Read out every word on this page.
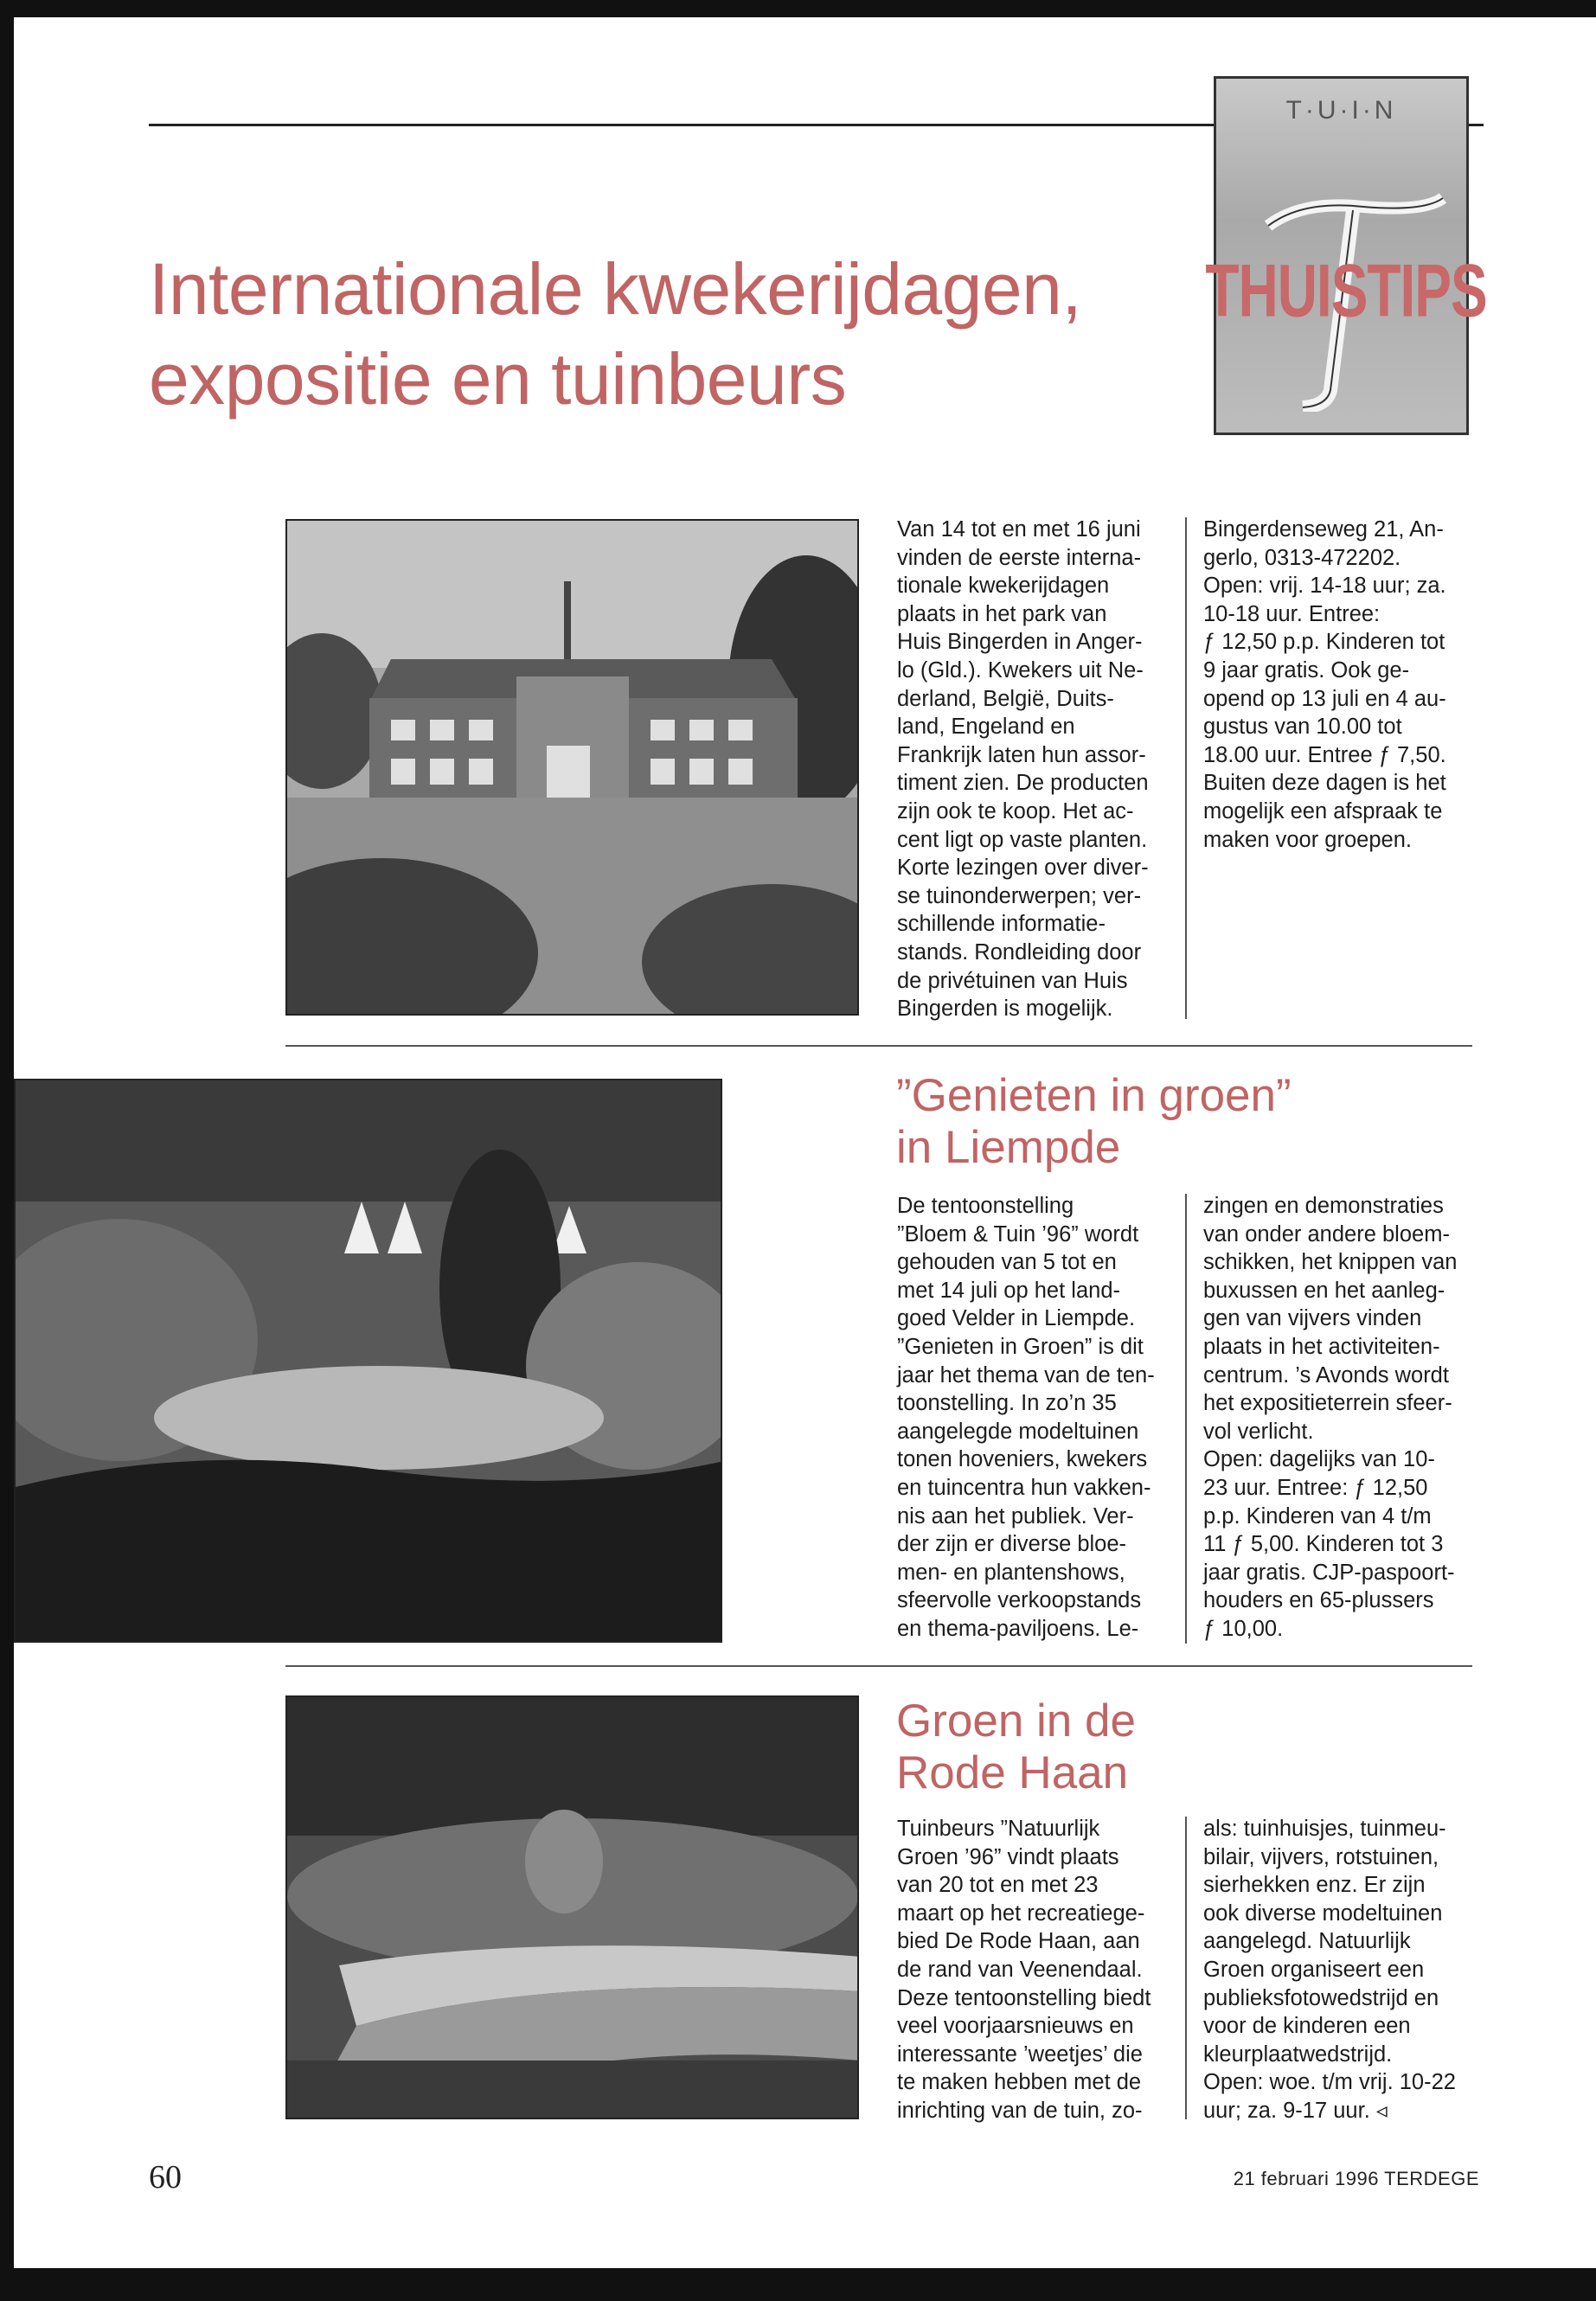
T·U·I·N
THUISTIPS
Internationale kwekerijdagen,
expositie en tuinbeurs
Van 14 tot en met 16 juni
vinden de eerste interna-
tionale kwekerijdagen
plaats in het park van
Huis Bingerden in Anger-
lo (Gld.). Kwekers uit Ne-
derland, België, Duits-
land, Engeland en
Frankrijk laten hun assor-
timent zien. De producten
zijn ook te koop. Het ac-
cent ligt op vaste planten.
Korte lezingen over diver-
se tuinonderwerpen; ver-
schillende informatie-
stands. Rondleiding door
de privétuinen van Huis
Bingerden is mogelijk.
Bingerdenseweg 21, An-
gerlo, 0313-472202.
Open: vrij. 14-18 uur; za.
10-18 uur. Entree:
ƒ 12,50 p.p. Kinderen tot
9 jaar gratis. Ook ge-
opend op 13 juli en 4 au-
gustus van 10.00 tot
18.00 uur. Entree ƒ 7,50.
Buiten deze dagen is het
mogelijk een afspraak te
maken voor groepen.
”Genieten in groen”
in Liempde
De tentoonstelling
”Bloem & Tuin ’96” wordt
gehouden van 5 tot en
met 14 juli op het land-
goed Velder in Liempde.
”Genieten in Groen” is dit
jaar het thema van de ten-
toonstelling. In zo’n 35
aangelegde modeltuinen
tonen hoveniers, kwekers
en tuincentra hun vakken-
nis aan het publiek. Ver-
der zijn er diverse bloe-
men- en plantenshows,
sfeervolle verkoopstands
en thema-paviljoens. Le-
zingen en demonstraties
van onder andere bloem-
schikken, het knippen van
buxussen en het aanleg-
gen van vijvers vinden
plaats in het activiteiten-
centrum. ’s Avonds wordt
het expositieterrein sfeer-
vol verlicht.
Open: dagelijks van 10-
23 uur. Entree: ƒ 12,50
p.p. Kinderen van 4 t/m
11 ƒ 5,00. Kinderen tot 3
jaar gratis. CJP-paspoort-
houders en 65-plussers
ƒ 10,00.
Groen in de
Rode Haan
Tuinbeurs ”Natuurlijk
Groen ’96” vindt plaats
van 20 tot en met 23
maart op het recreatiege-
bied De Rode Haan, aan
de rand van Veenendaal.
Deze tentoonstelling biedt
veel voorjaarsnieuws en
interessante ’weetjes’ die
te maken hebben met de
inrichting van de tuin, zo-
als: tuinhuisjes, tuinmeu-
bilair, vijvers, rotstuinen,
sierhekken enz. Er zijn
ook diverse modeltuinen
aangelegd. Natuurlijk
Groen organiseert een
publieksfotowedstrijd en
voor de kinderen een
kleurplaatwedstrijd.
Open: woe. t/m vrij. 10-22
uur; za. 9-17 uur. ◃
60	21 februari 1996 TERDEGE
